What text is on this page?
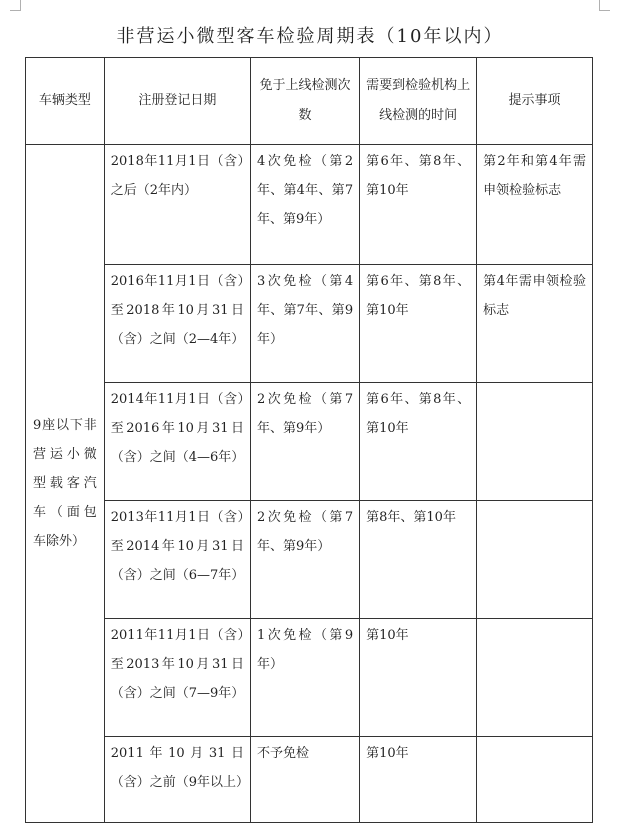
非营运小微型客车检验周期表（10年以内）
车辆类型	注册登记日期	免于上线检测次数	需要到检验机构上线检测的时间	提示事项
9座以下非营运小微型载客汽车（面包车除外）	2018年11月1日（含）之后（2年内）	4次免检（第2年、第4年、第7年、第9年）	第6年、第8年、第10年	第2年和第4年需申领检验标志
	2016年11月1日（含）至2018年10月31日（含）之间（2—4年）	3次免检（第4年、第7年、第9年）	第6年、第8年、第10年	第4年需申领检验标志
	2014年11月1日（含）至2016年10月31日（含）之间（4—6年）	2次免检（第7年、第9年）	第6年、第8年、第10年	
	2013年11月1日（含）至2014年10月31日（含）之间（6—7年）	2次免检（第7年、第9年）	第8年、第10年	
	2011年11月1日（含）至2013年10月31日（含）之间（7—9年）	1次免检（第9年）	第10年	
	2011年10月31日（含）之前（9年以上）	不予免检	第10年	
